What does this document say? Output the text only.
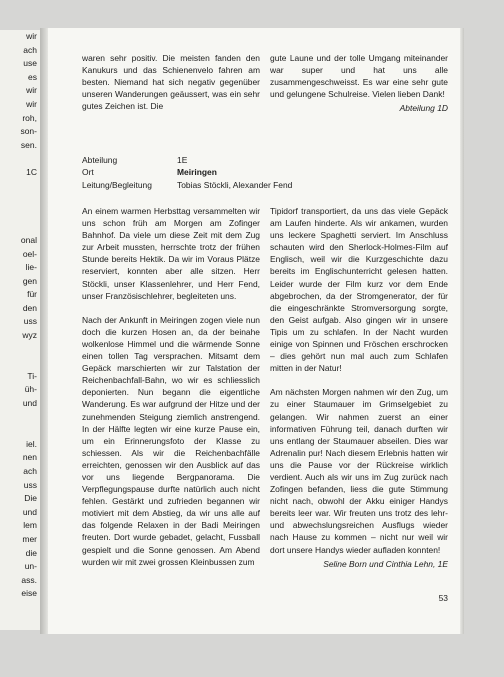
wir
ach
use
es
wir
wir
roh,
son-
sen.

1C

onal
oel-
lie-
gen
für
den
uss
wyz

Ti-
üh-
und

iel.
nen
ach
uss
Die
und
lem
mer
die
un-
ass.
eise

waren sehr positiv. Die meisten fanden den Kanukurs und das Schienenvelo fahren am besten. Niemand hat sich negativ gegenüber unseren Wanderungen geäussert, was ein sehr gutes Zeichen ist. Die

gute Laune und der tolle Umgang miteinander war super und hat uns alle zusammengeschweisst. Es war eine sehr gute und gelungene Schulreise. Vielen lieben Dank!

Abteilung 1D
Abteilung	1E
Ort	Meiringen
Leitung/Begleitung	Tobias Stöckli, Alexander Fend

An einem warmen Herbsttag versammelten wir uns schon früh am Morgen am Zofinger Bahnhof. Da viele um diese Zeit mit dem Zug zur Arbeit mussten, herrschte trotz der frühen Stunde bereits Hektik. Da wir im Voraus Plätze reserviert, konnten aber alle sitzen. Herr Stöckli, unser Klassenlehrer, und Herr Fend, unser Französischlehrer, begleiteten uns.

Nach der Ankunft in Meiringen zogen viele nun doch die kurzen Hosen an, da der beinahe wolkenlose Himmel und die wärmende Sonne einen tollen Tag versprachen. Mitsamt dem Gepäck marschierten wir zur Talstation der Reichenbachfall-Bahn, wo wir es schliesslich deponierten. Nun begann die eigentliche Wanderung. Es war aufgrund der Hitze und der zunehmenden Steigung ziemlich anstrengend. In der Hälfte legten wir eine kurze Pause ein, um ein Erinnerungsfoto der Klasse zu schiessen. Als wir die Reichenbachfälle erreichten, genossen wir den Ausblick auf das vor uns liegende Bergpanorama. Die Verpflegungspause durfte natürlich auch nicht fehlen. Gestärkt und zufrieden begannen wir motiviert mit dem Abstieg, da wir uns alle auf das folgende Relaxen in der Badi Meiringen freuten. Dort wurde gebadet, gelacht, Fussball gespielt und die Sonne genossen. Am Abend wurden wir mit zwei grossen Kleinbussen zum

Tipidorf transportiert, da uns das viele Gepäck am Laufen hinderte. Als wir ankamen, wurden uns leckere Spaghetti serviert. Im Anschluss schauten wird den Sherlock-Holmes-Film auf Englisch, weil wir die Kurzgeschichte dazu bereits im Englischunterricht gelesen hatten. Leider wurde der Film kurz vor dem Ende abgebrochen, da der Stromgenerator, der für die eingeschränkte Stromversorgung sorgte, den Geist aufgab. Also gingen wir in unsere Tipis um zu schlafen. In der Nacht wurden einige von Spinnen und Fröschen erschrocken – dies gehört nun mal auch zum Schlafen mitten in der Natur!

Am nächsten Morgen nahmen wir den Zug, um zu einer Staumauer im Grimselgebiet zu gelangen. Wir nahmen zuerst an einer informativen Führung teil, danach durften wir uns entlang der Staumauer abseilen. Dies war Adrenalin pur! Nach diesem Erlebnis hatten wir uns die Pause vor der Rückreise wirklich verdient. Auch als wir uns im Zug zurück nach Zofingen befanden, liess die gute Stimmung nicht nach, obwohl der Akku einiger Handys bereits leer war. Wir freuten uns trotz des lehr- und abwechslungsreichen Ausflugs wieder nach Hause zu kommen – nicht nur weil wir dort unsere Handys wieder aufladen konnten!

Seline Born und Cinthia Lehn, 1E
53
